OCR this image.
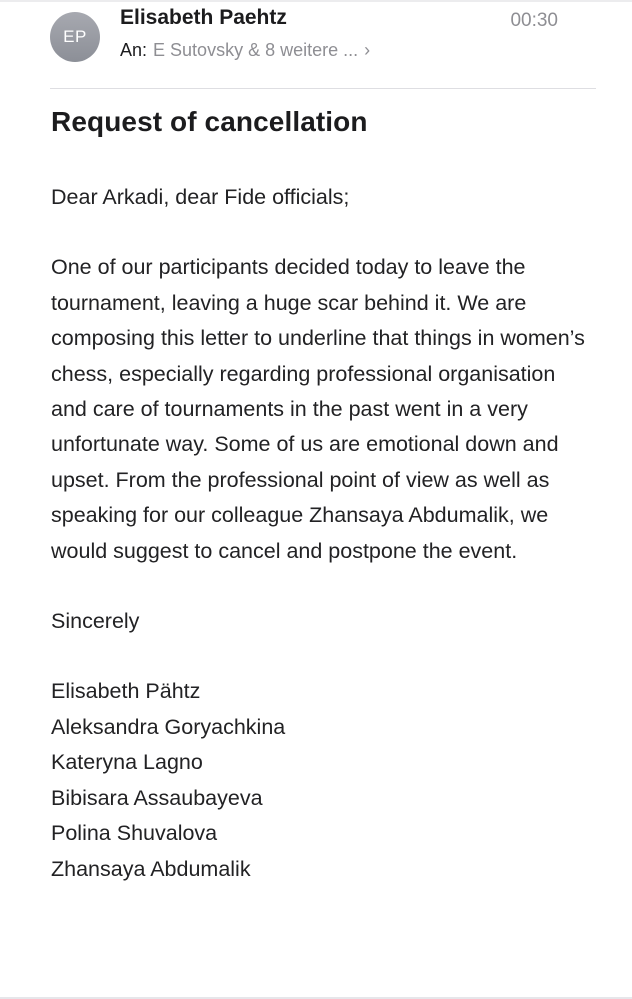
EP
Elisabeth Paehtz
An: E Sutovsky & 8 weitere ... ›
00:30
Request of cancellation

Dear Arkadi, dear Fide officials;

One of our participants decided today to leave the tournament, leaving a huge scar behind it. We are composing this letter to underline that things in women’s chess, especially regarding professional organisation and care of tournaments in the past went in a very unfortunate way. Some of us are emotional down and upset. From the professional point of view as well as speaking for our colleague Zhansaya Abdumalik, we would suggest to cancel and postpone the event.

Sincerely

Elisabeth Pähtz

Aleksandra Goryachkina

Kateryna Lagno

Bibisara Assaubayeva

Polina Shuvalova

Zhansaya Abdumalik
